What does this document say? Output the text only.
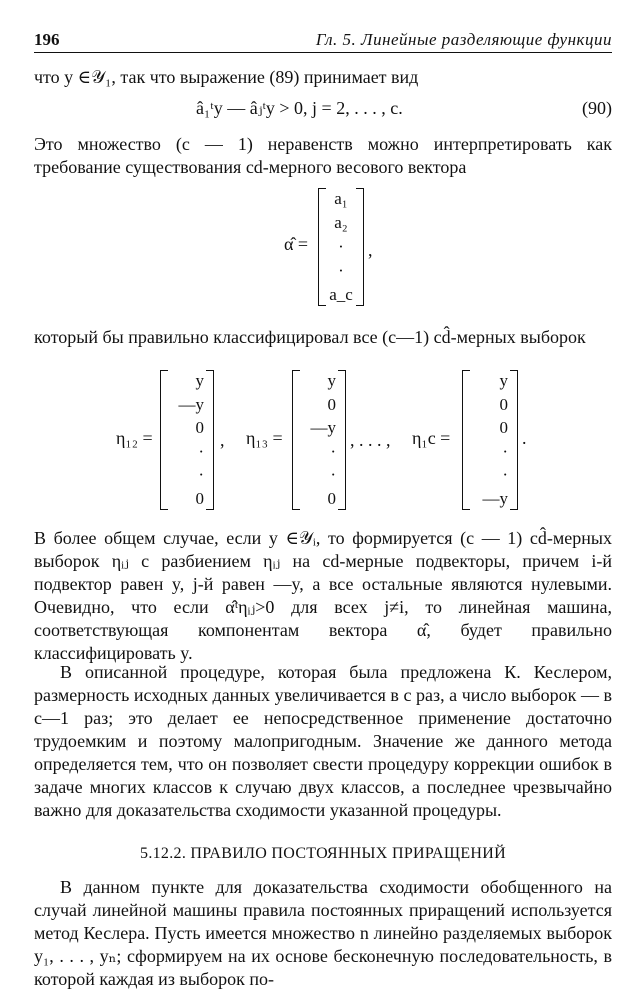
196	Гл. 5. Линейные разделяющие функции

что y ∈𝒴₁, так что выражение (89) принимает вид

â₁ᵗy — âⱼᵗy > 0, j = 2, . . . , c.	(90)

Это множество (c — 1) неравенств можно интерпретировать как требование существования cd-мерного весового вектора

α̂ =
a₁
a₂
·
·
a_c
,

который бы правильно классифицировал все (c—1) cd̂-мерных выборок

η₁₂ =
y
—y
0
·
·
0
, η₁₃ =
y
0
—y
·
·
0
, . . . , η₁c =
y
0
0
·
·
—y
.

В более общем случае, если y ∈𝒴ᵢ, то формируется (c — 1) cd̂-мерных выборок ηᵢⱼ с разбиением ηᵢⱼ на cd-мерные подвекторы, причем i-й подвектор равен y, j-й равен —y, а все остальные являются нулевыми. Очевидно, что если α̂ᵗηᵢⱼ>0 для всех j≠i, то линейная машина, соответствующая компонентам вектора α̂, будет правильно классифицировать y.

В описанной процедуре, которая была предложена К. Кеслером, размерность исходных данных увеличивается в c раз, а число выборок — в c—1 раз; это делает ее непосредственное применение достаточно трудоемким и поэтому малопригодным. Значение же данного метода определяется тем, что он позволяет свести процедуру коррекции ошибок в задаче многих классов к случаю двух классов, а последнее чрезвычайно важно для доказательства сходимости указанной процедуры.

5.12.2. ПРАВИЛО ПОСТОЯННЫХ ПРИРАЩЕНИЙ

В данном пункте для доказательства сходимости обобщенного на случай линейной машины правила постоянных приращений используется метод Кеслера. Пусть имеется множество n линейно разделяемых выборок y₁, . . . , yₙ; сформируем на их основе бесконечную последовательность, в которой каждая из выборок по-
